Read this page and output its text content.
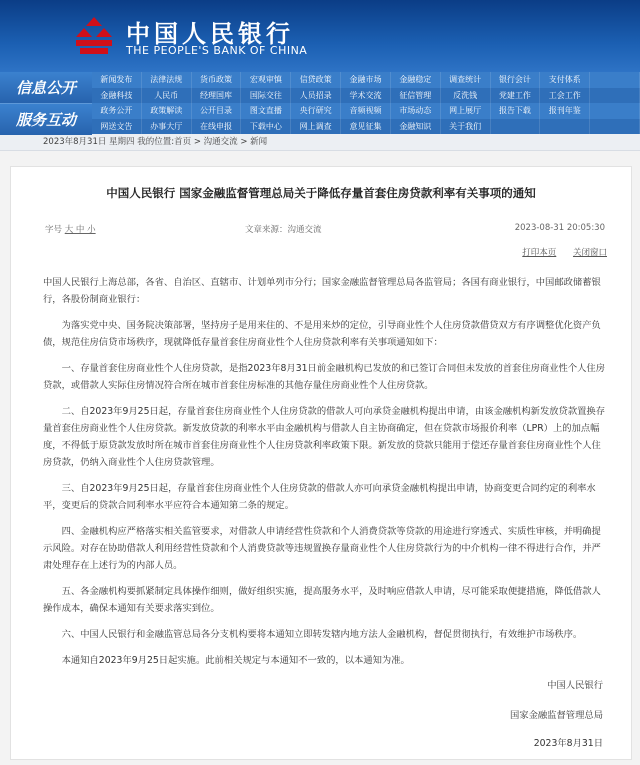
中国人民银行
THE PEOPLE'S BANK OF CHINA
信息公开
服务互动
新闻发布	法律法规	货币政策	宏观审慎	信贷政策	金融市场	金融稳定	调查统计	银行会计	支付体系
金融科技	人民币	经理国库	国际交往	人员招录	学术交流	征信管理	反洗钱	党建工作	工会工作
政务公开	政策解读	公开目录	图文直播	央行研究	音频视频	市场动态	网上展厅	报告下载	报刊年鉴
网送文告	办事大厅	在线申报	下载中心	网上调查	意见征集	金融知识	关于我们
2023年8月31日 星期四 我的位置:首页 > 沟通交流 > 新闻
中国人民银行 国家金融监督管理总局关于降低存量首套住房贷款利率有关事项的通知
字号 大 中 小	文章来源：沟通交流	2023-08-31 20:05:30
打印本页 关闭窗口

中国人民银行上海总部，各省、自治区、直辖市、计划单列市分行；国家金融监督管理总局各监管局；各国有商业银行，中国邮政储蓄银行，各股份制商业银行：

为落实党中央、国务院决策部署，坚持房子是用来住的、不是用来炒的定位，引导商业性个人住房贷款借贷双方有序调整优化资产负债，规范住房信贷市场秩序，现就降低存量首套住房商业性个人住房贷款利率有关事项通知如下：

一、存量首套住房商业性个人住房贷款，是指2023年8月31日前金融机构已发放的和已签订合同但未发放的首套住房商业性个人住房贷款，或借款人实际住房情况符合所在城市首套住房标准的其他存量住房商业性个人住房贷款。

二、自2023年9月25日起，存量首套住房商业性个人住房贷款的借款人可向承贷金融机构提出申请，由该金融机构新发放贷款置换存量首套住房商业性个人住房贷款。新发放贷款的利率水平由金融机构与借款人自主协商确定，但在贷款市场报价利率（LPR）上的加点幅度，不得低于原贷款发放时所在城市首套住房商业性个人住房贷款利率政策下限。新发放的贷款只能用于偿还存量首套住房商业性个人住房贷款，仍纳入商业性个人住房贷款管理。

三、自2023年9月25日起，存量首套住房商业性个人住房贷款的借款人亦可向承贷金融机构提出申请，协商变更合同约定的利率水平，变更后的贷款合同利率水平应符合本通知第二条的规定。

四、金融机构应严格落实相关监管要求，对借款人申请经营性贷款和个人消费贷款等贷款的用途进行穿透式、实质性审核，并明确提示风险。对存在协助借款人利用经营性贷款和个人消费贷款等违规置换存量商业性个人住房贷款行为的中介机构一律不得进行合作，并严肃处理存在上述行为的内部人员。

五、各金融机构要抓紧制定具体操作细则，做好组织实施，提高服务水平，及时响应借款人申请，尽可能采取便捷措施，降低借款人操作成本，确保本通知有关要求落实到位。

六、中国人民银行和金融监管总局各分支机构要将本通知立即转发辖内地方法人金融机构，督促贯彻执行，有效维护市场秩序。

本通知自2023年9月25日起实施。此前相关规定与本通知不一致的，以本通知为准。

中国人民银行
国家金融监督管理总局
2023年8月31日
